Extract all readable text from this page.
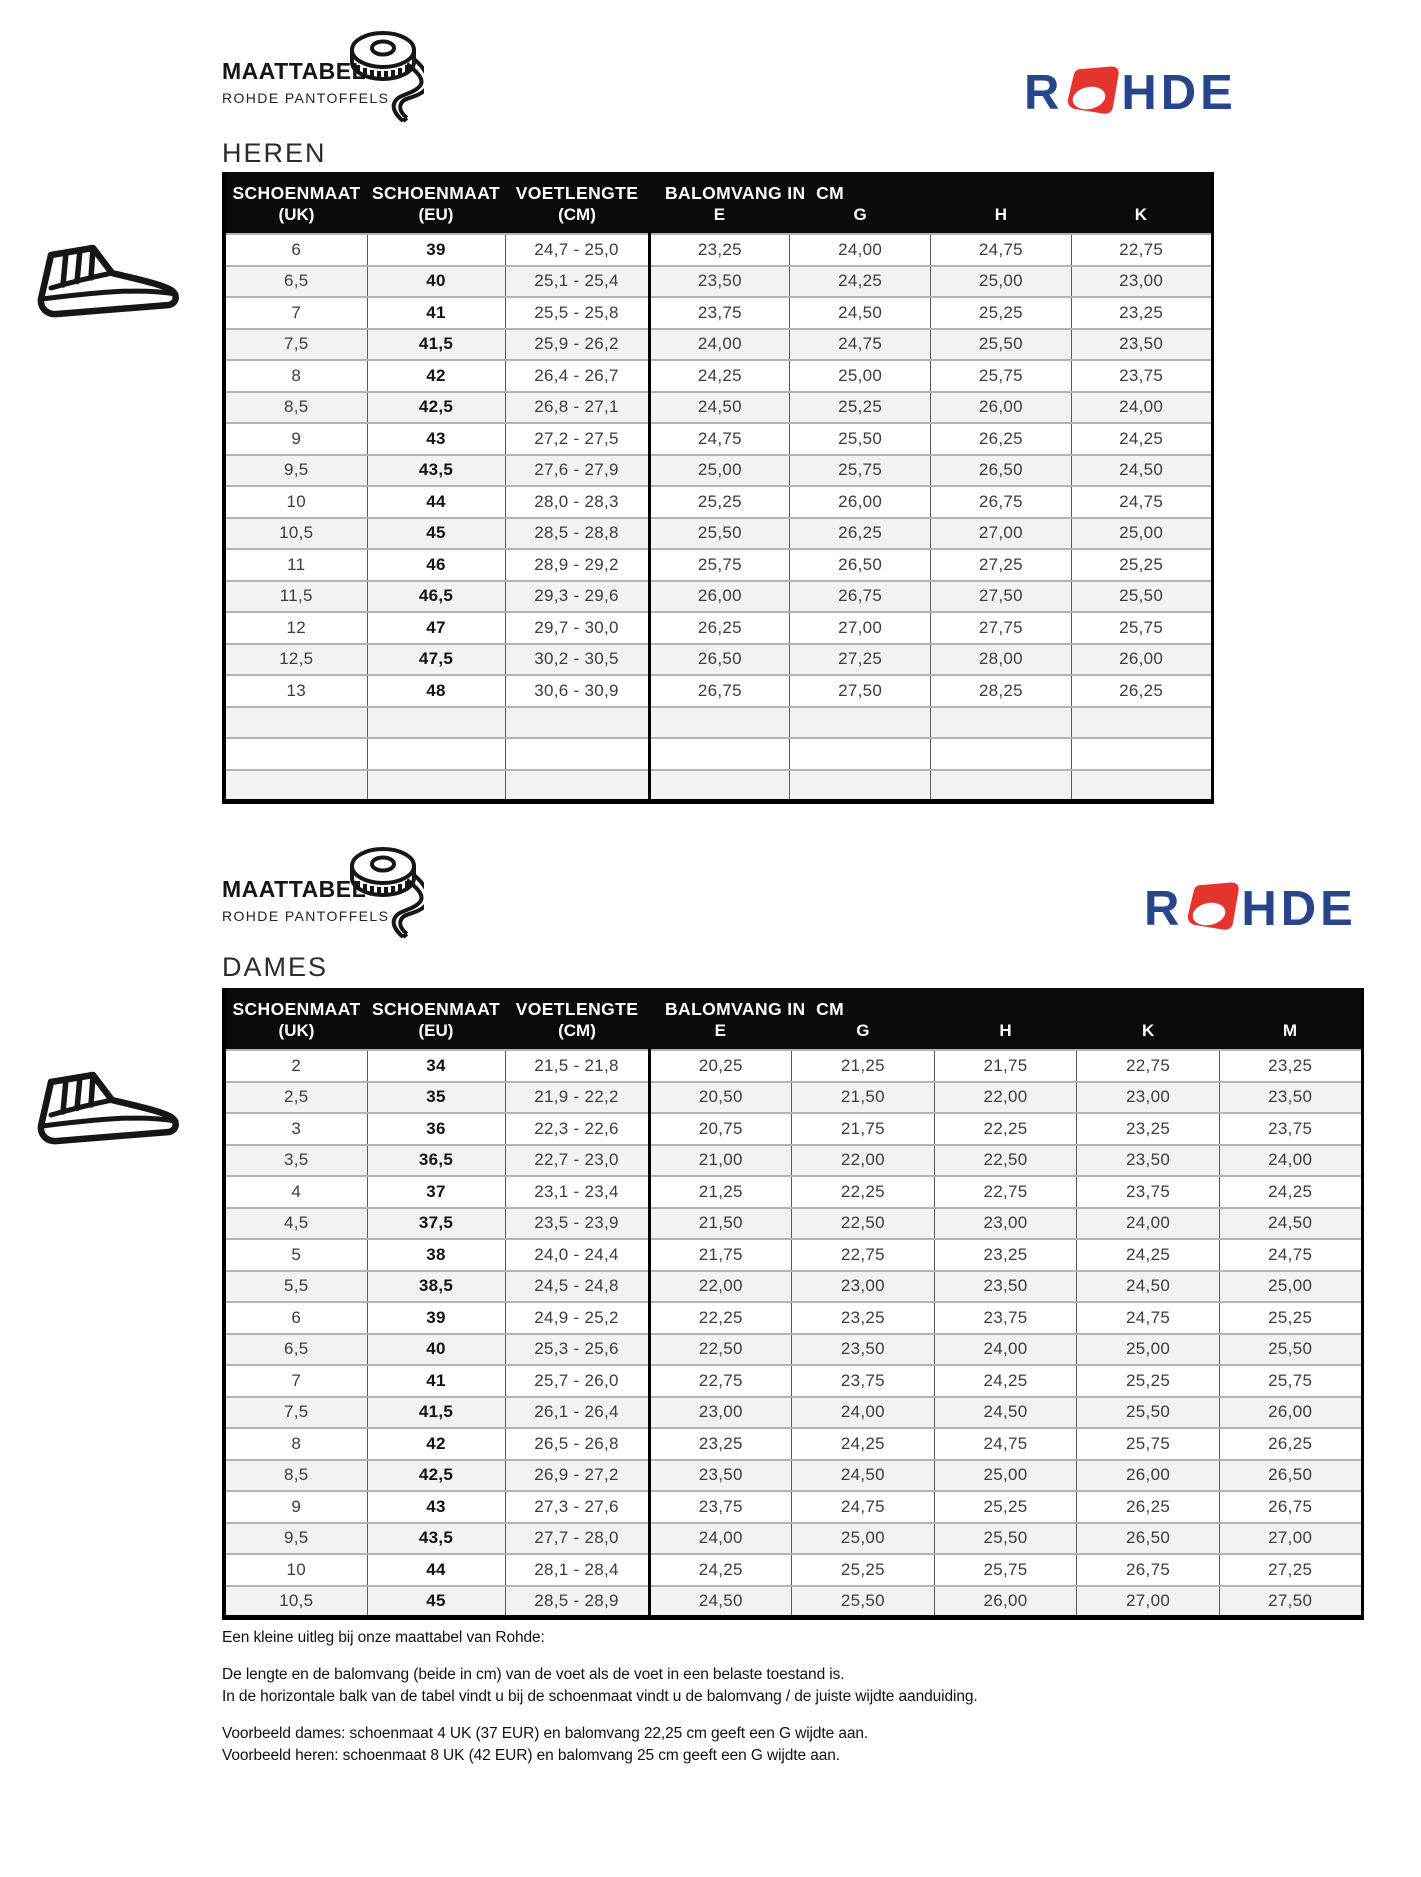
MAATTABEL
ROHDE PANTOFFELS	R HDE
HEREN
SCHOENMAAT	SCHOENMAAT	VOETLENGTE	BALOMVANG IN  CM			
(UK)	(EU)	(CM)	E	G	H	K
6	39	24,7 - 25,0	23,25	24,00	24,75	22,75
6,5	40	25,1 - 25,4	23,50	24,25	25,00	23,00
7	41	25,5 - 25,8	23,75	24,50	25,25	23,25
7,5	41,5	25,9 - 26,2	24,00	24,75	25,50	23,50
8	42	26,4 - 26,7	24,25	25,00	25,75	23,75
8,5	42,5	26,8 - 27,1	24,50	25,25	26,00	24,00
9	43	27,2 - 27,5	24,75	25,50	26,25	24,25
9,5	43,5	27,6 - 27,9	25,00	25,75	26,50	24,50
10	44	28,0 - 28,3	25,25	26,00	26,75	24,75
10,5	45	28,5 - 28,8	25,50	26,25	27,00	25,00
11	46	28,9 - 29,2	25,75	26,50	27,25	25,25
11,5	46,5	29,3 - 29,6	26,00	26,75	27,50	25,50
12	47	29,7 - 30,0	26,25	27,00	27,75	25,75
12,5	47,5	30,2 - 30,5	26,50	27,25	28,00	26,00
13	48	30,6 - 30,9	26,75	27,50	28,25	26,25

MAATTABEL
ROHDE PANTOFFELS	R HDE
DAMES
SCHOENMAAT	SCHOENMAAT	VOETLENGTE	BALOMVANG IN  CM				
(UK)	(EU)	(CM)	E	G	H	K	M
2	34	21,5 - 21,8	20,25	21,25	21,75	22,75	23,25
2,5	35	21,9 - 22,2	20,50	21,50	22,00	23,00	23,50
3	36	22,3 - 22,6	20,75	21,75	22,25	23,25	23,75
3,5	36,5	22,7 - 23,0	21,00	22,00	22,50	23,50	24,00
4	37	23,1 - 23,4	21,25	22,25	22,75	23,75	24,25
4,5	37,5	23,5 - 23,9	21,50	22,50	23,00	24,00	24,50
5	38	24,0 - 24,4	21,75	22,75	23,25	24,25	24,75
5,5	38,5	24,5 - 24,8	22,00	23,00	23,50	24,50	25,00
6	39	24,9 - 25,2	22,25	23,25	23,75	24,75	25,25
6,5	40	25,3 - 25,6	22,50	23,50	24,00	25,00	25,50
7	41	25,7 - 26,0	22,75	23,75	24,25	25,25	25,75
7,5	41,5	26,1 - 26,4	23,00	24,00	24,50	25,50	26,00
8	42	26,5 - 26,8	23,25	24,25	24,75	25,75	26,25
8,5	42,5	26,9 - 27,2	23,50	24,50	25,00	26,00	26,50
9	43	27,3 - 27,6	23,75	24,75	25,25	26,25	26,75
9,5	43,5	27,7 - 28,0	24,00	25,00	25,50	26,50	27,00
10	44	28,1 - 28,4	24,25	25,25	25,75	26,75	27,25
10,5	45	28,5 - 28,9	24,50	25,50	26,00	27,00	27,50

Een kleine uitleg bij onze maattabel van Rohde:

De lengte en de balomvang (beide in cm) van de voet als de voet in een belaste toestand is.

In de horizontale balk van de tabel vindt u bij de schoenmaat vindt u de balomvang / de juiste wijdte aanduiding.

Voorbeeld dames: schoenmaat 4 UK (37 EUR) en balomvang 22,25 cm geeft een G wijdte aan.

Voorbeeld heren: schoenmaat 8 UK (42 EUR) en balomvang 25 cm geeft een G wijdte aan.
